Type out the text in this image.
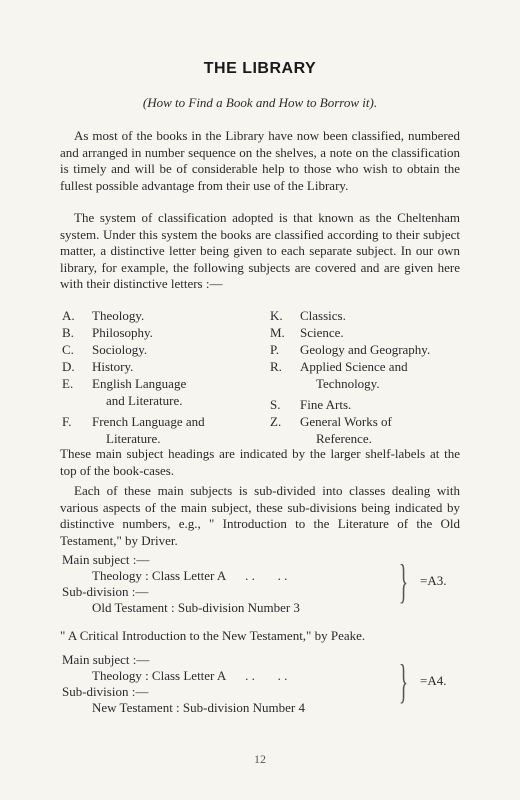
THE LIBRARY
(How to Find a Book and How to Borrow it).
As most of the books in the Library have now been classified, numbered and arranged in number sequence on the shelves, a note on the classification is timely and will be of considerable help to those who wish to obtain the fullest possible advantage from their use of the Library.
The system of classification adopted is that known as the Cheltenham system. Under this system the books are classified according to their subject matter, a distinctive letter being given to each separate subject. In our own library, for example, the following subjects are covered and are given here with their distinctive letters :—
A. Theology.
B. Philosophy.
C. Sociology.
D. History.
E. English Language
and Literature.
F. French Language and
Literature.
K. Classics.
M. Science.
P. Geology and Geography.
R. Applied Science and
Technology.
S. Fine Arts.
Z. General Works of
Reference.
These main subject headings are indicated by the larger shelf-labels at the top of the book-cases.
Each of these main subjects is sub-divided into classes dealing with various aspects of the main subject, these sub-divisions being indicated by distinctive numbers, e.g., " Introduction to the Literature of the Old Testament," by Driver.
Main subject :—
Theology : Class Letter A      . .       . .
Sub-division :—
Old Testament : Sub-division Number 3 } =A3.
" A Critical Introduction to the New Testament," by Peake.
Main subject :—
Theology : Class Letter A      . .       . .
Sub-division :—
New Testament : Sub-division Number 4 } =A4.
12
